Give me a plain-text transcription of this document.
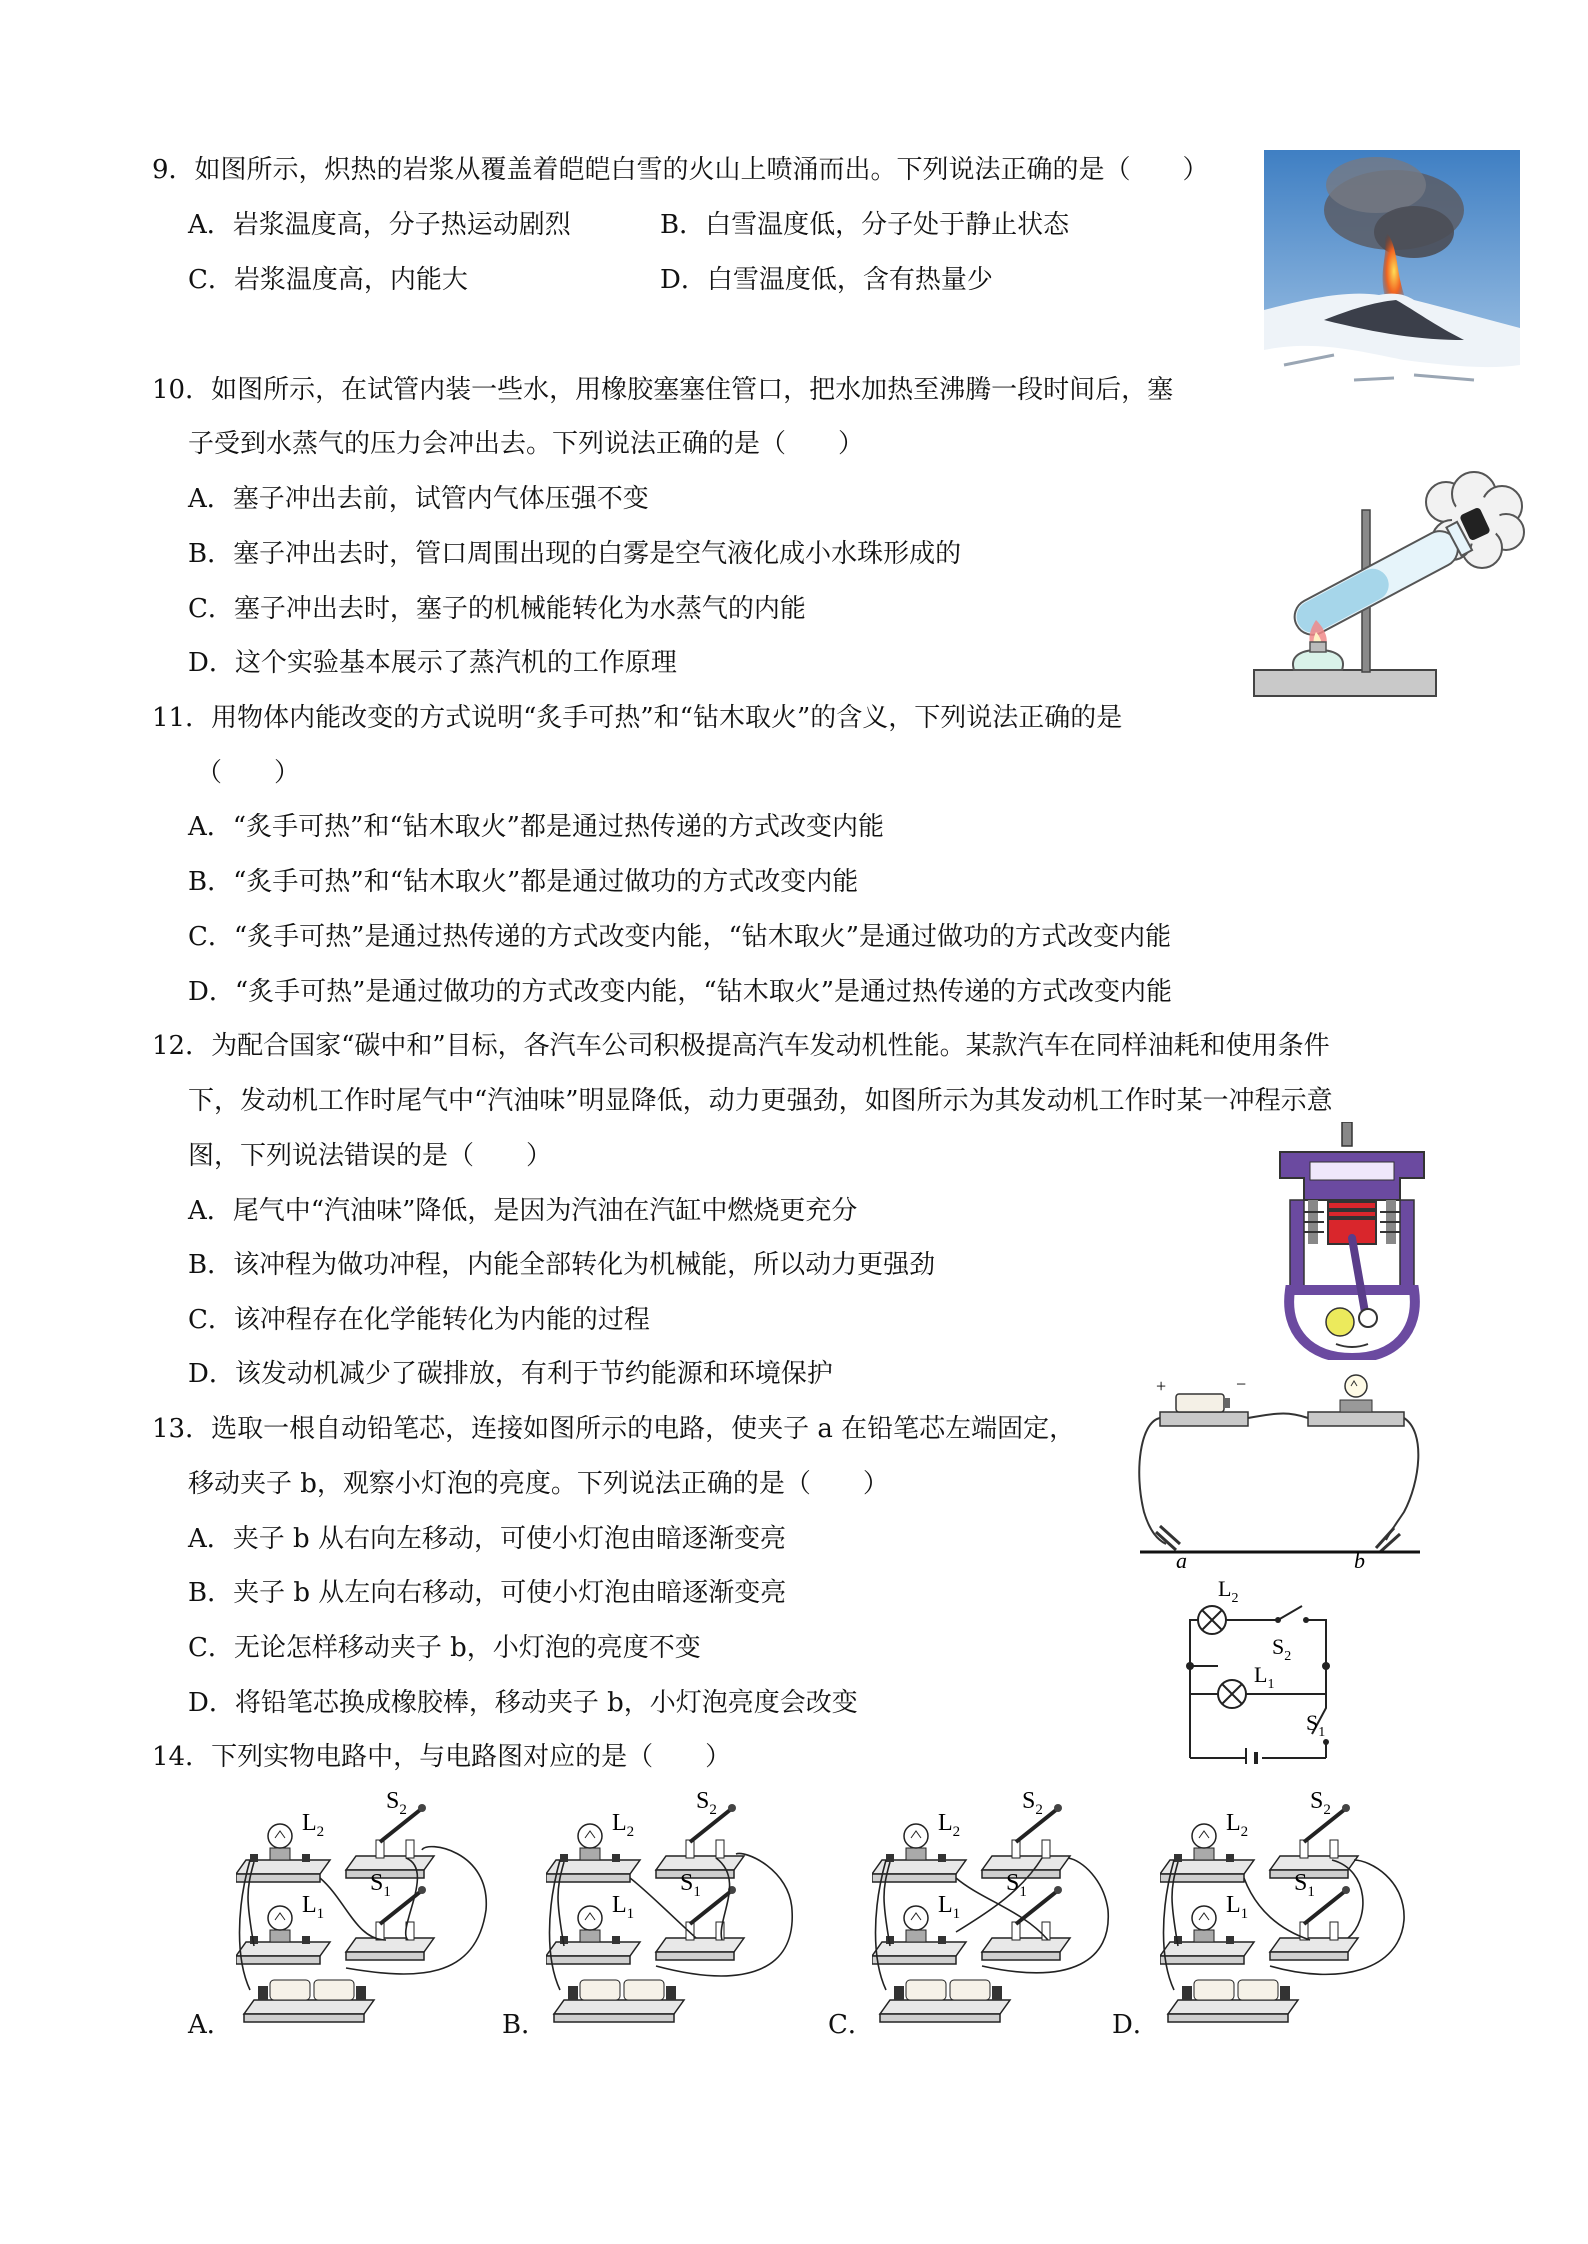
9．如图所示，炽热的岩浆从覆盖着皑皑白雪的火山上喷涌而出。下列说法正确的是（　　）
A．岩浆温度高，分子热运动剧烈	B．白雪温度低，分子处于静止状态
C．岩浆温度高，内能大	D．白雪温度低，含有热量少
10．如图所示，在试管内装一些水，用橡胶塞塞住管口，把水加热至沸腾一段时间后，塞
子受到水蒸气的压力会冲出去。下列说法正确的是（　　）
A．塞子冲出去前，试管内气体压强不变
B．塞子冲出去时，管口周围出现的白雾是空气液化成小水珠形成的
C．塞子冲出去时，塞子的机械能转化为水蒸气的内能
D．这个实验基本展示了蒸汽机的工作原理
11．用物体内能改变的方式说明“炙手可热”和“钻木取火”的含义，下列说法正确的是
（　　）
A．“炙手可热”和“钻木取火”都是通过热传递的方式改变内能
B．“炙手可热”和“钻木取火”都是通过做功的方式改变内能
C．“炙手可热”是通过热传递的方式改变内能，“钻木取火”是通过做功的方式改变内能
D．“炙手可热”是通过做功的方式改变内能，“钻木取火”是通过热传递的方式改变内能
12．为配合国家“碳中和”目标，各汽车公司积极提高汽车发动机性能。某款汽车在同样油耗和使用条件
下，发动机工作时尾气中“汽油味”明显降低，动力更强劲，如图所示为其发动机工作时某一冲程示意
图，下列说法错误的是（　　）
A．尾气中“汽油味”降低，是因为汽油在汽缸中燃烧更充分
B．该冲程为做功冲程，内能全部转化为机械能，所以动力更强劲
C．该冲程存在化学能转化为内能的过程
D．该发动机减少了碳排放，有利于节约能源和环境保护
13．选取一根自动铅笔芯，连接如图所示的电路，使夹子 a 在铅笔芯左端固定，
移动夹子 b，观察小灯泡的亮度。下列说法正确的是（　　）
A．夹子 b 从右向左移动，可使小灯泡由暗逐渐变亮
B．夹子 b 从左向右移动，可使小灯泡由暗逐渐变亮
C．无论怎样移动夹子 b，小灯泡的亮度不变
D．将铅笔芯换成橡胶棒，移动夹子 b，小灯泡亮度会改变
+	−
a	b
$L_2$
$S_2$
$L_1$
$S_1$
14．下列实物电路中，与电路图对应的是（　　）
A．	B．	C．	D．
$L_2$
$L_1$
$S_2$
$S_1$
$L_2$
$L_1$
$S_2$
$S_1$
$L_2$
$L_1$
$S_2$
$S_1$
$L_2$
$L_1$
$S_2$
$S_1$
